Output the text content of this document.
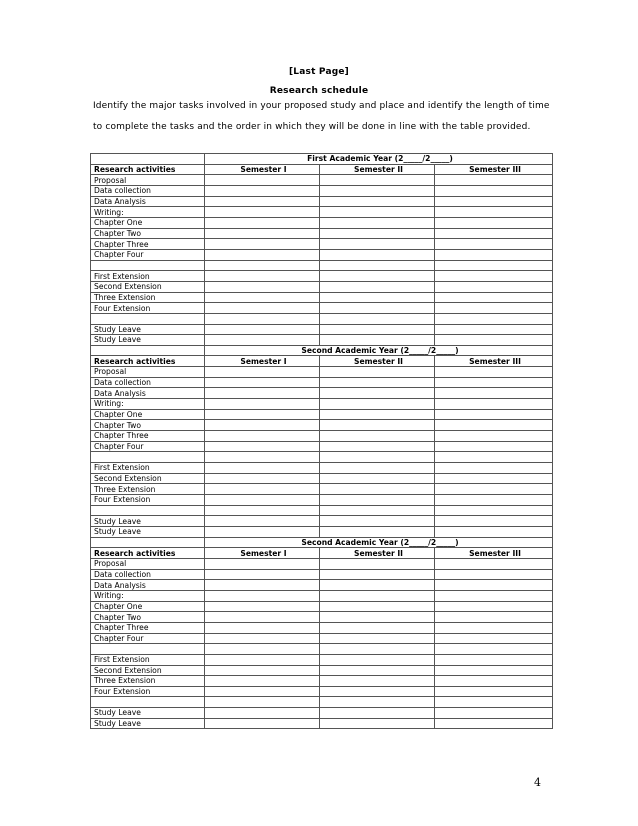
[Last Page]
Research schedule
Identify the major tasks involved in your proposed study and place and identify the length of time to complete the tasks and the order in which they will be done in line with the table provided.
	First Academic Year (2_____/2_____)		
Research activities	Semester I	Semester II	Semester III
Proposal			
Data collection			
Data Analysis			
Writing:			
Chapter One			
Chapter Two			
Chapter Three			
Chapter Four			

First Extension			
Second Extension			
Three Extension			
Four Extension			

Study Leave			
Study Leave			
	Second Academic Year (2_____/2_____)		
Research activities	Semester I	Semester II	Semester III
Proposal			
Data collection			
Data Analysis			
Writing:			
Chapter One			
Chapter Two			
Chapter Three			
Chapter Four			

First Extension			
Second Extension			
Three Extension			
Four Extension			

Study Leave			
Study Leave			
	Second Academic Year (2_____/2_____)		
Research activities	Semester I	Semester II	Semester III
Proposal			
Data collection			
Data Analysis			
Writing:			
Chapter One			
Chapter Two			
Chapter Three			
Chapter Four			

First Extension			
Second Extension			
Three Extension			
Four Extension			

Study Leave			
Study Leave			
4
